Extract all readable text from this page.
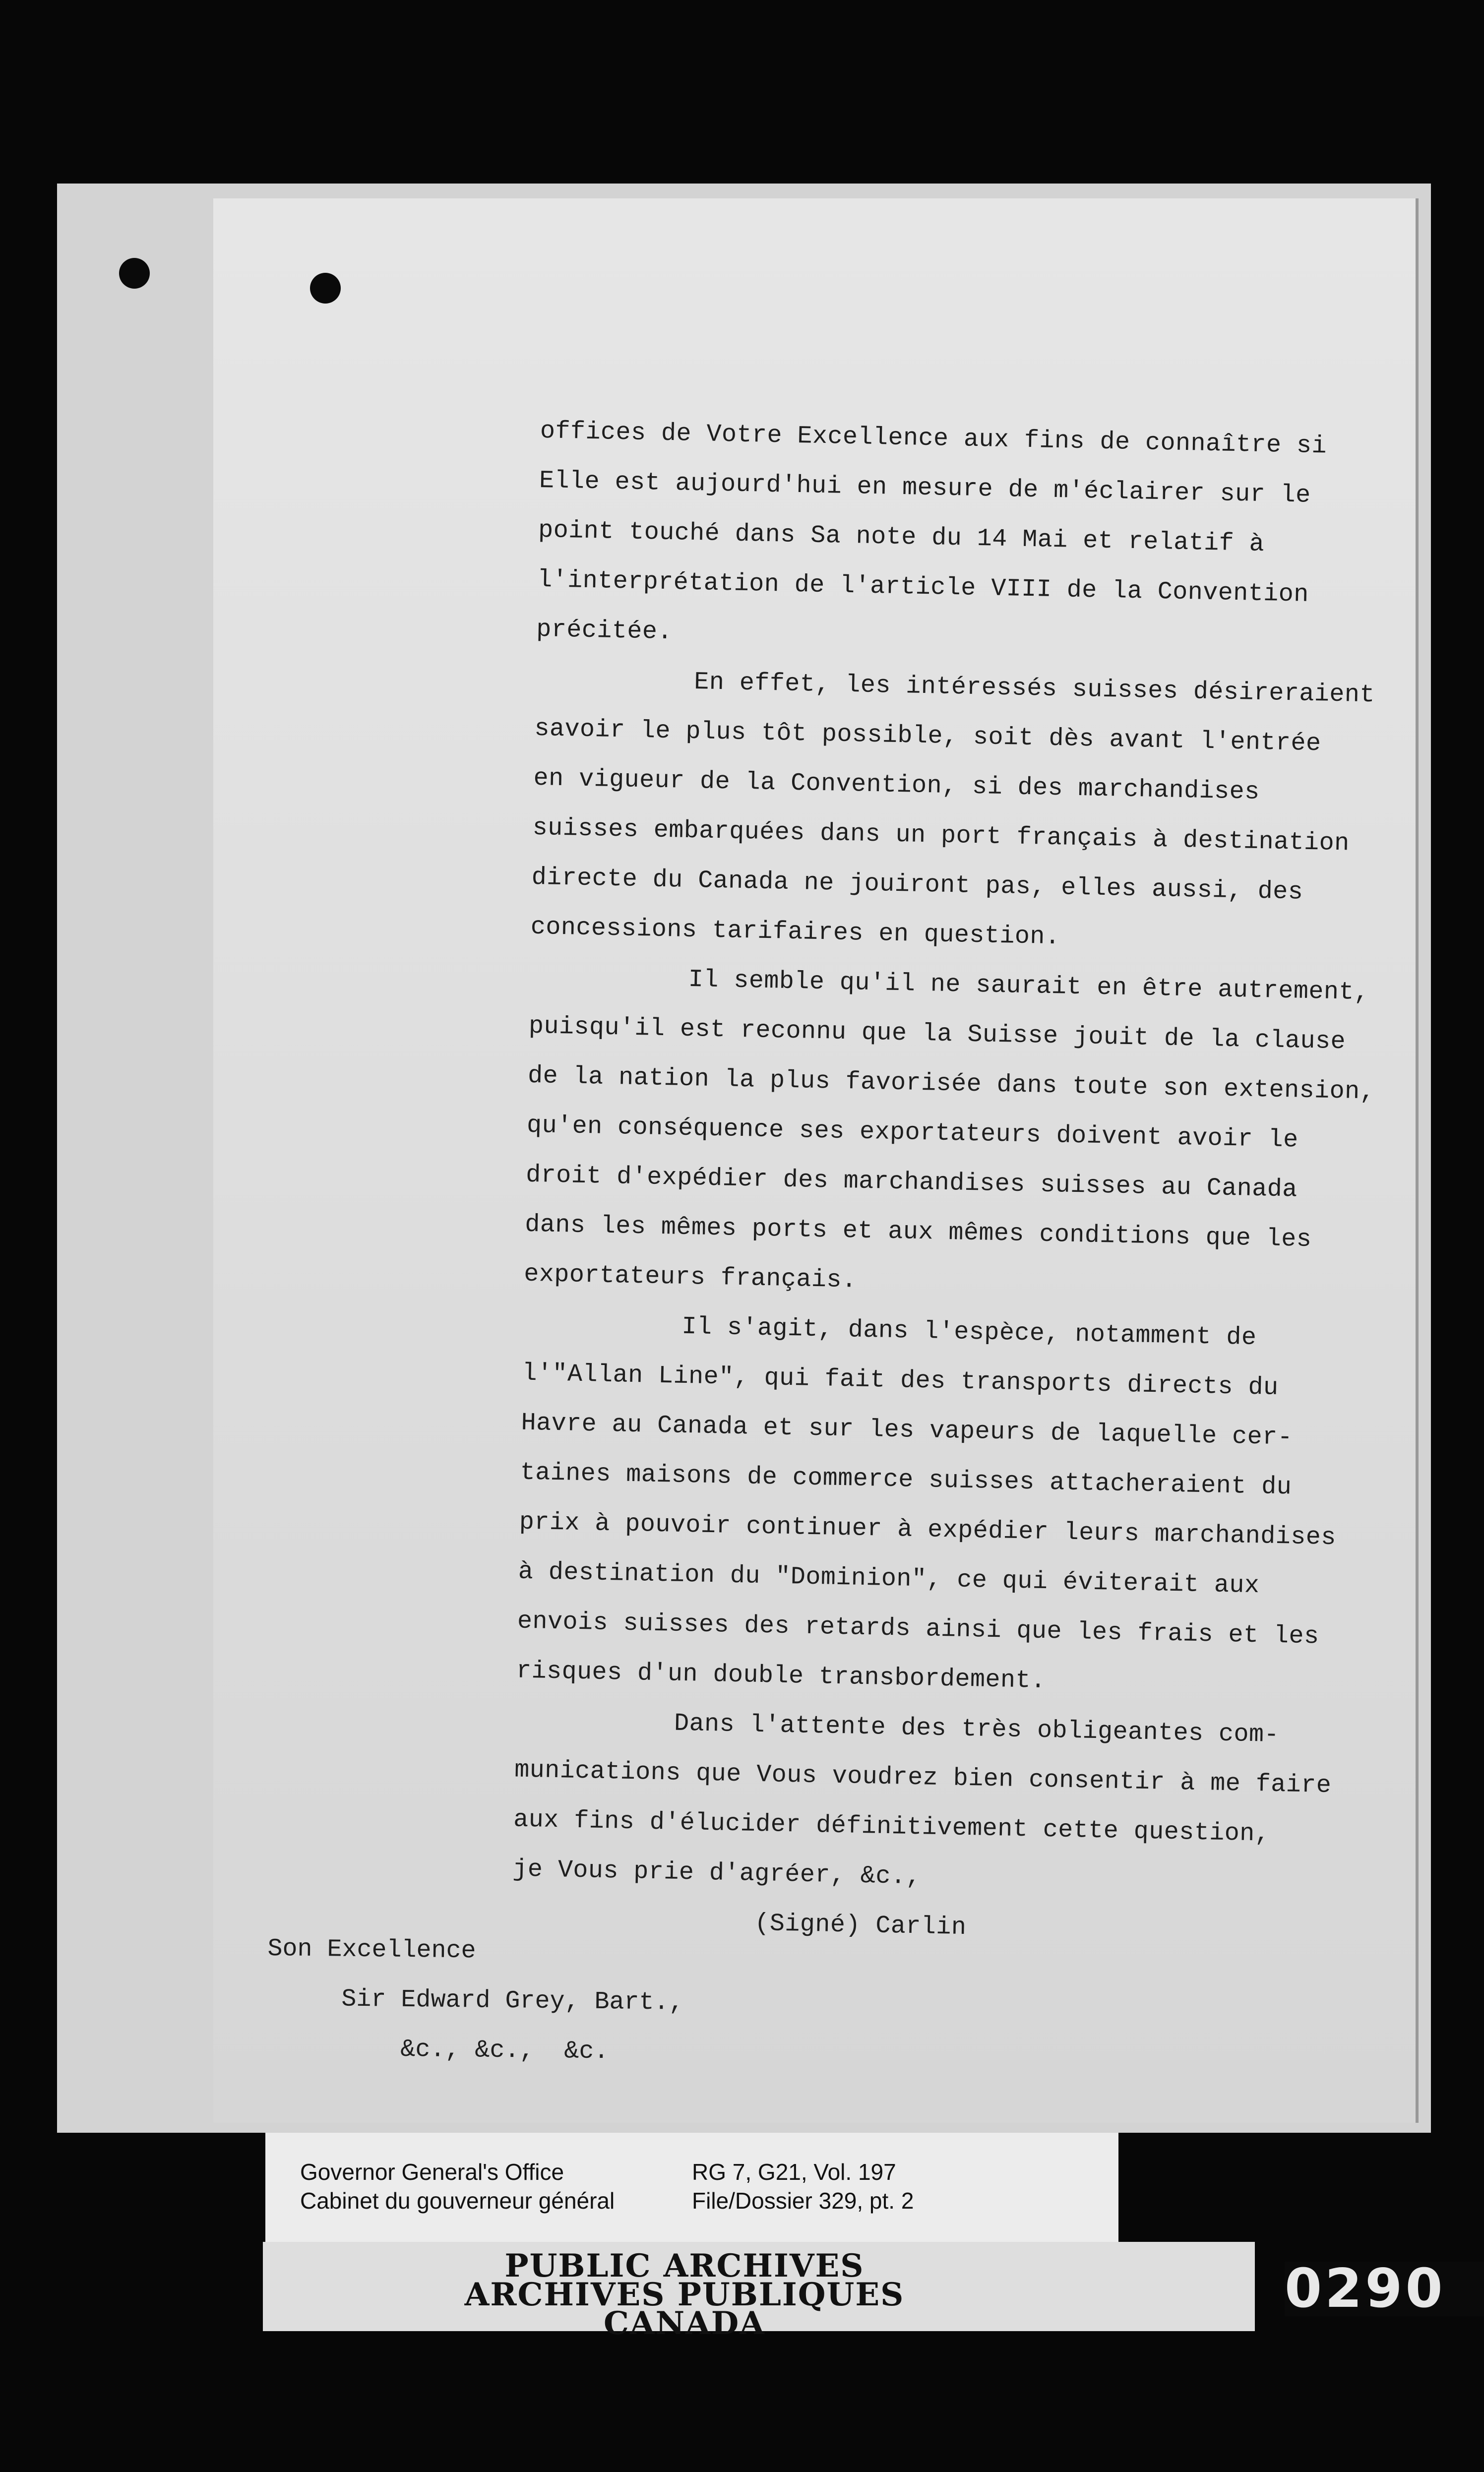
offices de Votre Excellence aux fins de connaître si

Elle est aujourd'hui en mesure de m'éclairer sur le

point touché dans Sa note du 14 Mai et relatif à

l'interprétation de l'article VIII de la Convention

précitée.

En effet, les intéressés suisses désireraient

savoir le plus tôt possible, soit dès avant l'entrée

en vigueur de la Convention, si des marchandises

suisses embarquées dans un port français à destination

directe du Canada ne jouiront pas, elles aussi, des

concessions tarifaires en question.

Il semble qu'il ne saurait en être autrement,

puisqu'il est reconnu que la Suisse jouit de la clause

de la nation la plus favorisée dans toute son extension,

qu'en conséquence ses exportateurs doivent avoir le

droit d'expédier des marchandises suisses au Canada

dans les mêmes ports et aux mêmes conditions que les

exportateurs français.

Il s'agit, dans l'espèce, notamment de

l'"Allan Line", qui fait des transports directs du

Havre au Canada et sur les vapeurs de laquelle cer-

taines maisons de commerce suisses attacheraient du

prix à pouvoir continuer à expédier leurs marchandises

à destination du "Dominion", ce qui éviterait aux

envois suisses des retards ainsi que les frais et les

risques d'un double transbordement.

Dans l'attente des très obligeantes com-

munications que Vous voudrez bien consentir à me faire

aux fins d'élucider définitivement cette question,

je Vous prie d'agréer, &c.,

(Signé) Carlin

Son Excellence

Sir Edward Grey, Bart.,

&c., &c.,  &c.

Governor General's Office
Cabinet du gouverneur général
RG 7, G21, Vol. 197
File/Dossier 329, pt. 2
PUBLIC ARCHIVES
ARCHIVES PUBLIQUES
CANADA
0290
